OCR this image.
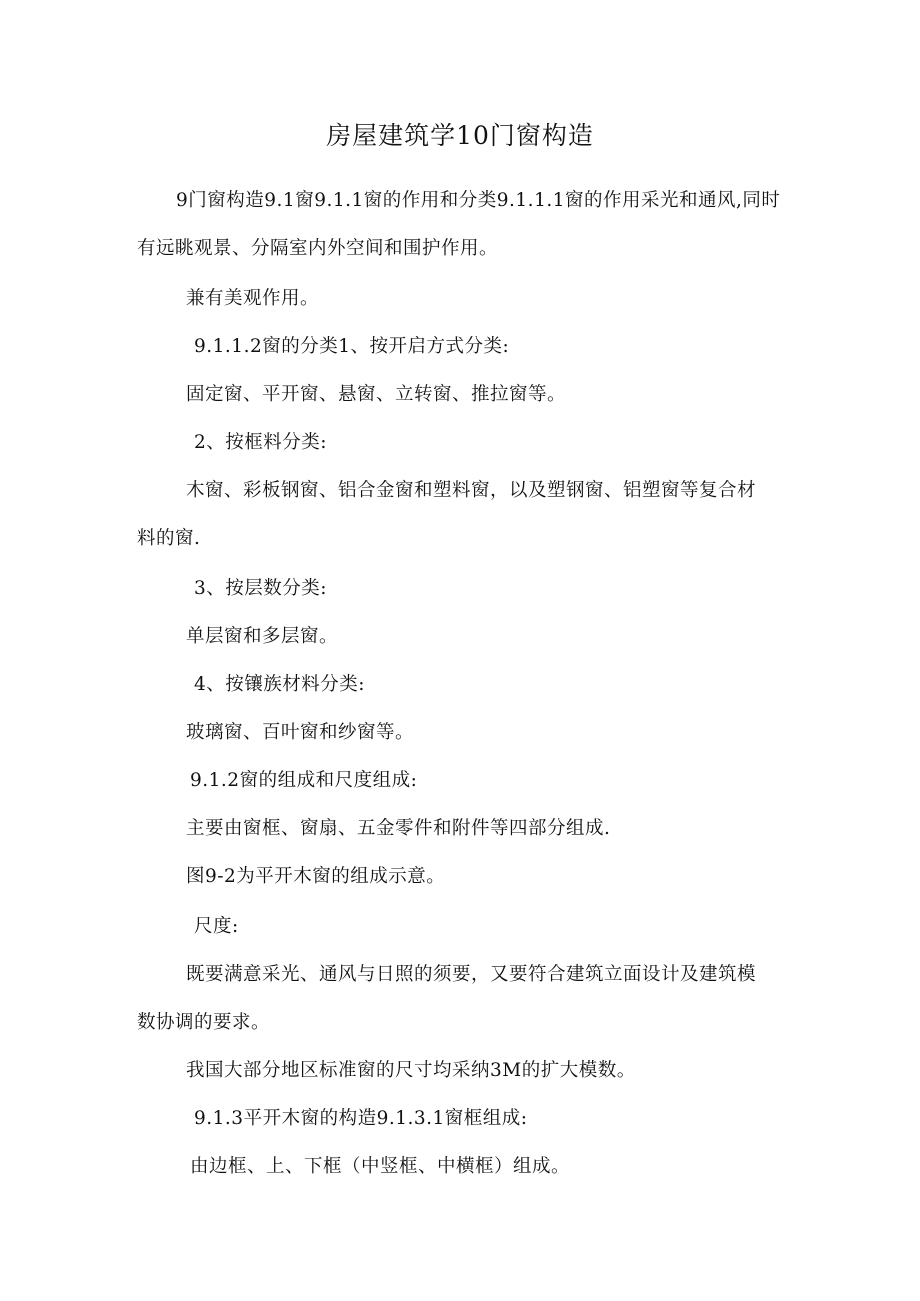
房屋建筑学10门窗构造
9门窗构造9.1窗9.1.1窗的作用和分类9.1.1.1窗的作用采光和通风,同时
有远眺观景、分隔室内外空间和围护作用。
兼有美观作用。
9.1.1.2窗的分类1、按开启方式分类:
固定窗、平开窗、悬窗、立转窗、推拉窗等。
2、按框料分类:
木窗、彩板钢窗、铝合金窗和塑料窗，以及塑钢窗、铝塑窗等复合材
料的窗.
3、按层数分类:
单层窗和多层窗。
4、按镶族材料分类:
玻璃窗、百叶窗和纱窗等。
9.1.2窗的组成和尺度组成:
主要由窗框、窗扇、五金零件和附件等四部分组成.
图9-2为平开木窗的组成示意。
尺度:
既要满意采光、通风与日照的须要，又要符合建筑立面设计及建筑模
数协调的要求。
我国大部分地区标准窗的尺寸均采纳3M的扩大模数。
9.1.3平开木窗的构造9.1.3.1窗框组成:
由边框、上、下框（中竖框、中横框）组成。
